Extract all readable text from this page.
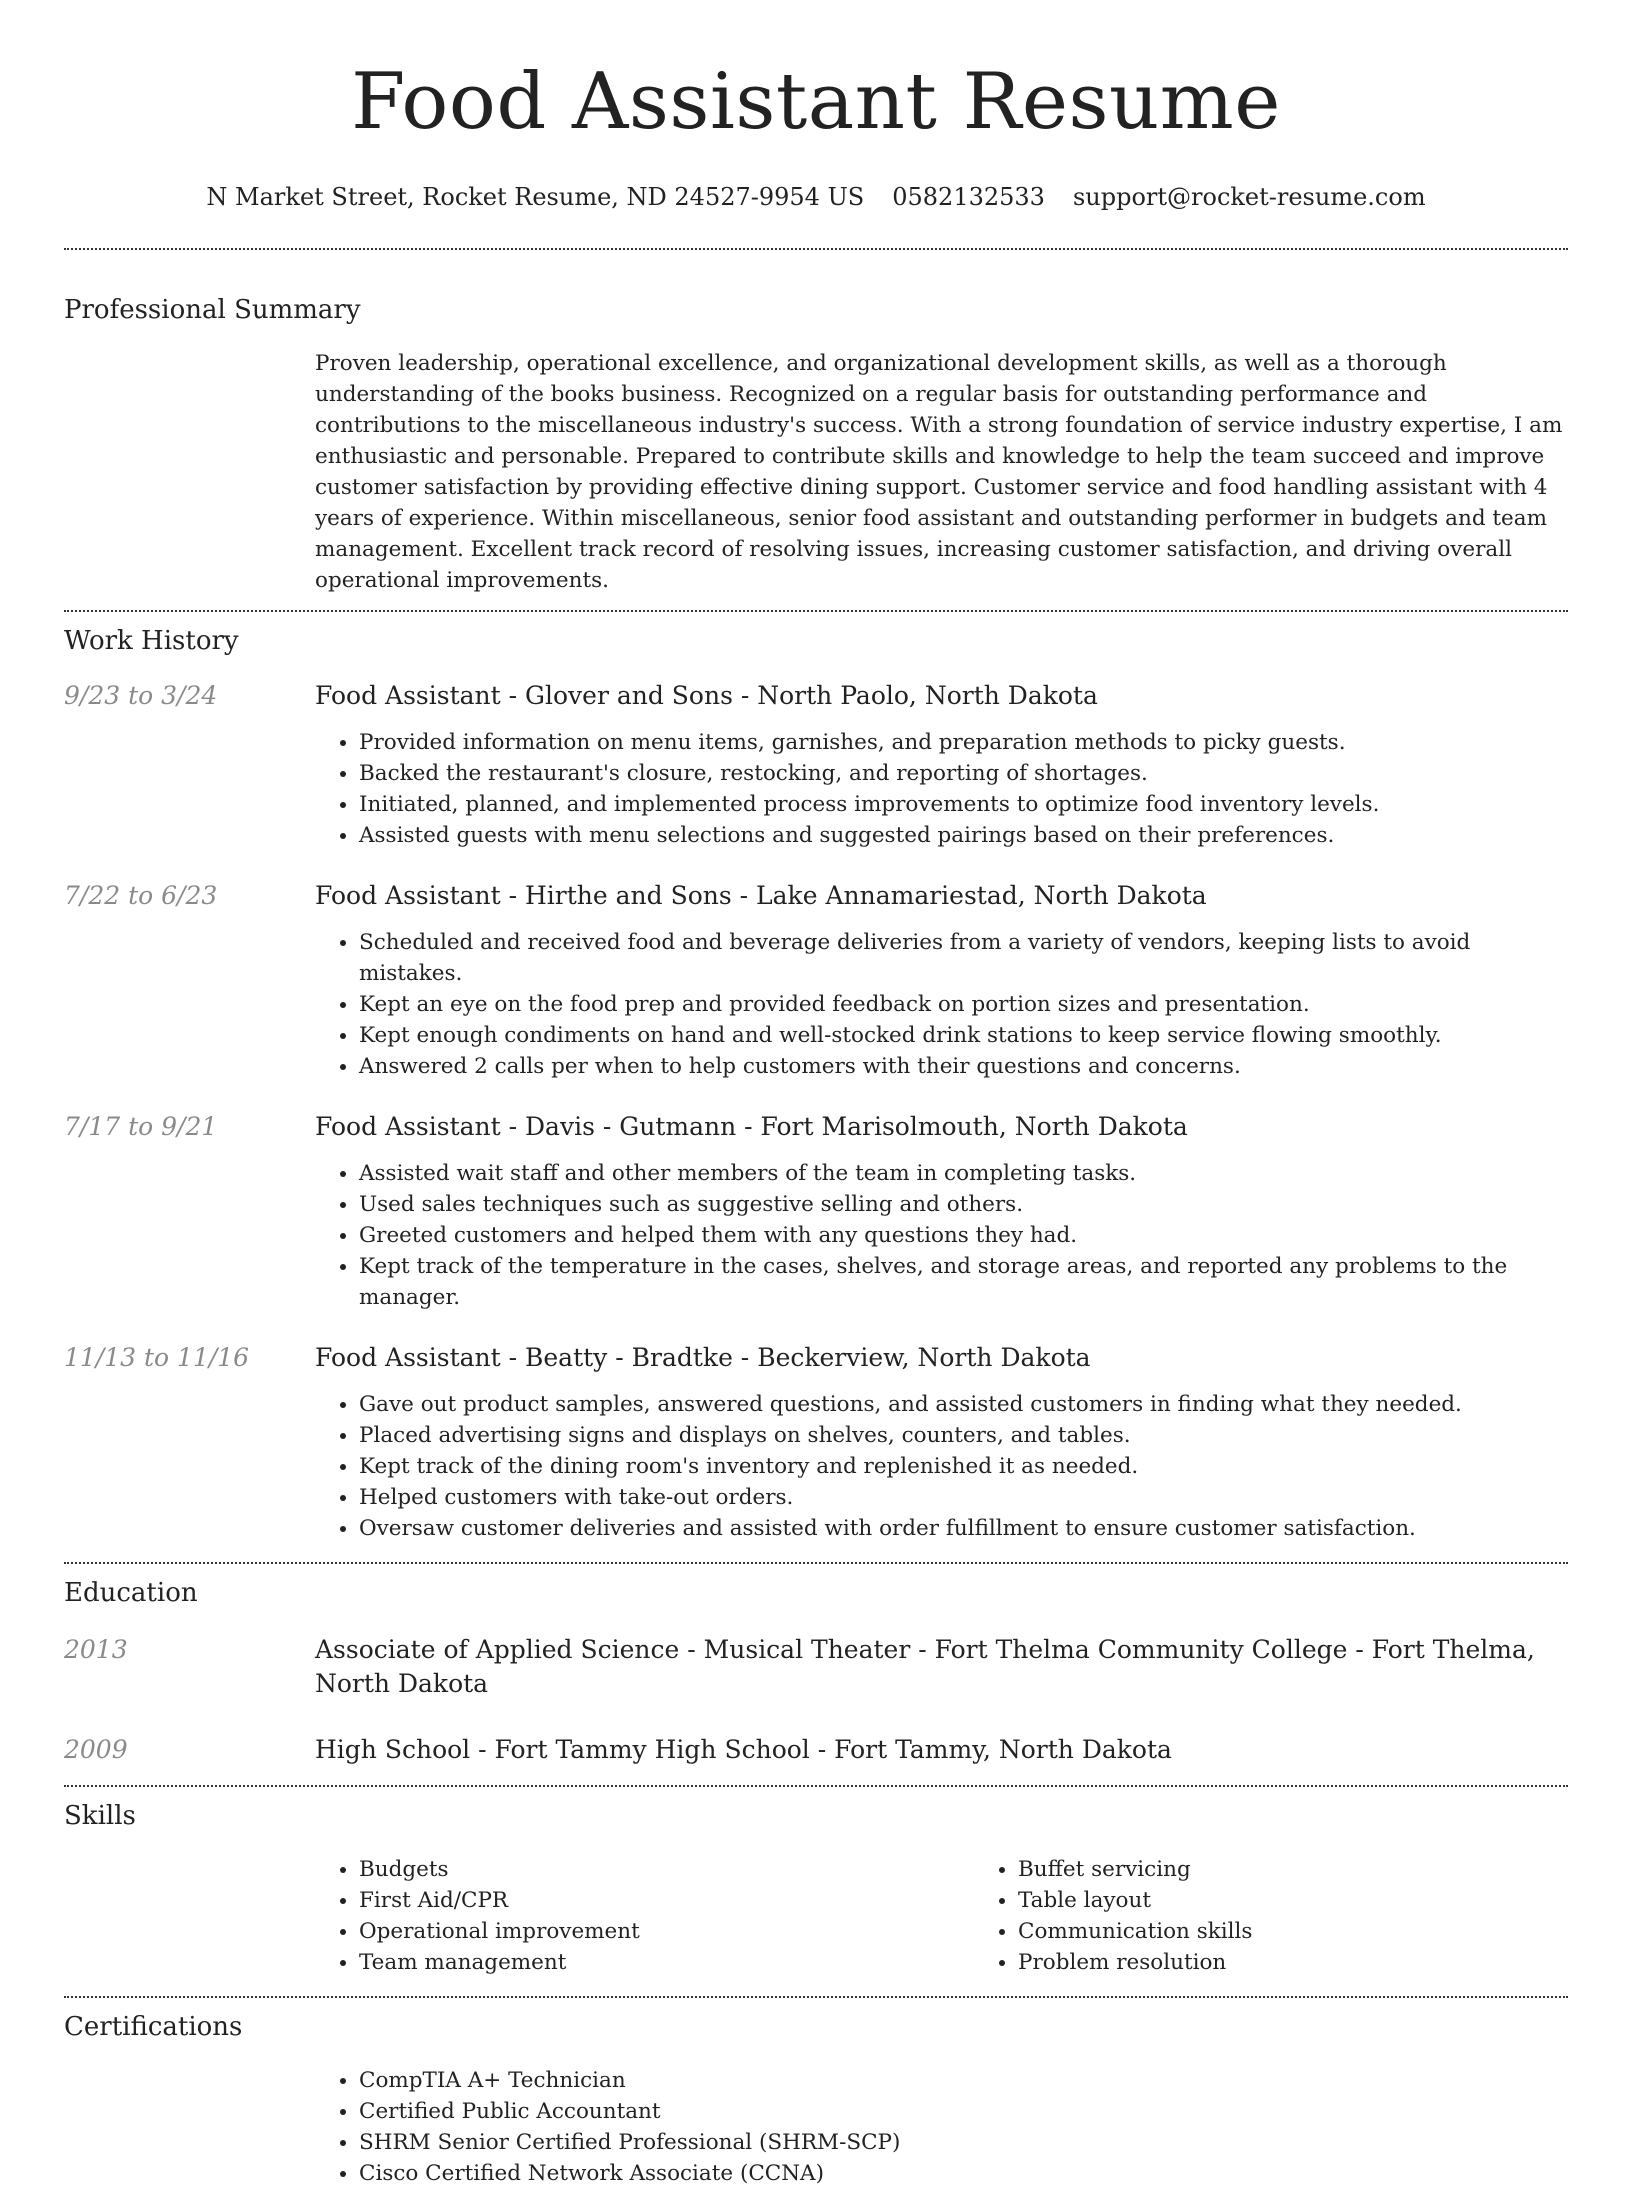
Food Assistant Resume
N Market Street, Rocket Resume, ND 24527-9954 US 0582132533 support@rocket-resume.com
Professional Summary

Proven leadership, operational excellence, and organizational development skills, as well as a thorough understanding of the books business. Recognized on a regular basis for outstanding performance and contributions to the miscellaneous industry's success. With a strong foundation of service industry expertise, I am enthusiastic and personable. Prepared to contribute skills and knowledge to help the team succeed and improve customer satisfaction by providing effective dining support. Customer service and food handling assistant with 4 years of experience. Within miscellaneous, senior food assistant and outstanding performer in budgets and team management. Excellent track record of resolving issues, increasing customer satisfaction, and driving overall operational improvements.

Work History
9/23 to 3/24	Food Assistant - Glover and Sons - North Paolo, North Dakota
• Provided information on menu items, garnishes, and preparation methods to picky guests.
• Backed the restaurant's closure, restocking, and reporting of shortages.
• Initiated, planned, and implemented process improvements to optimize food inventory levels.
• Assisted guests with menu selections and suggested pairings based on their preferences.
7/22 to 6/23	Food Assistant - Hirthe and Sons - Lake Annamariestad, North Dakota
• Scheduled and received food and beverage deliveries from a variety of vendors, keeping lists to avoid mistakes.
• Kept an eye on the food prep and provided feedback on portion sizes and presentation.
• Kept enough condiments on hand and well-stocked drink stations to keep service flowing smoothly.
• Answered 2 calls per when to help customers with their questions and concerns.
7/17 to 9/21	Food Assistant - Davis - Gutmann - Fort Marisolmouth, North Dakota
• Assisted wait staff and other members of the team in completing tasks.
• Used sales techniques such as suggestive selling and others.
• Greeted customers and helped them with any questions they had.
• Kept track of the temperature in the cases, shelves, and storage areas, and reported any problems to the manager.
11/13 to 11/16	Food Assistant - Beatty - Bradtke - Beckerview, North Dakota
• Gave out product samples, answered questions, and assisted customers in finding what they needed.
• Placed advertising signs and displays on shelves, counters, and tables.
• Kept track of the dining room's inventory and replenished it as needed.
• Helped customers with take-out orders.
• Oversaw customer deliveries and assisted with order fulfillment to ensure customer satisfaction.
Education
2013	Associate of Applied Science - Musical Theater - Fort Thelma Community College - Fort Thelma, North Dakota
2009	High School - Fort Tammy High School - Fort Tammy, North Dakota
Skills
• Budgets
• First Aid/CPR
• Operational improvement
• Team management
• Buffet servicing
• Table layout
• Communication skills
• Problem resolution
Certifications
• CompTIA A+ Technician
• Certified Public Accountant
• SHRM Senior Certified Professional (SHRM-SCP)
• Cisco Certified Network Associate (CCNA)
